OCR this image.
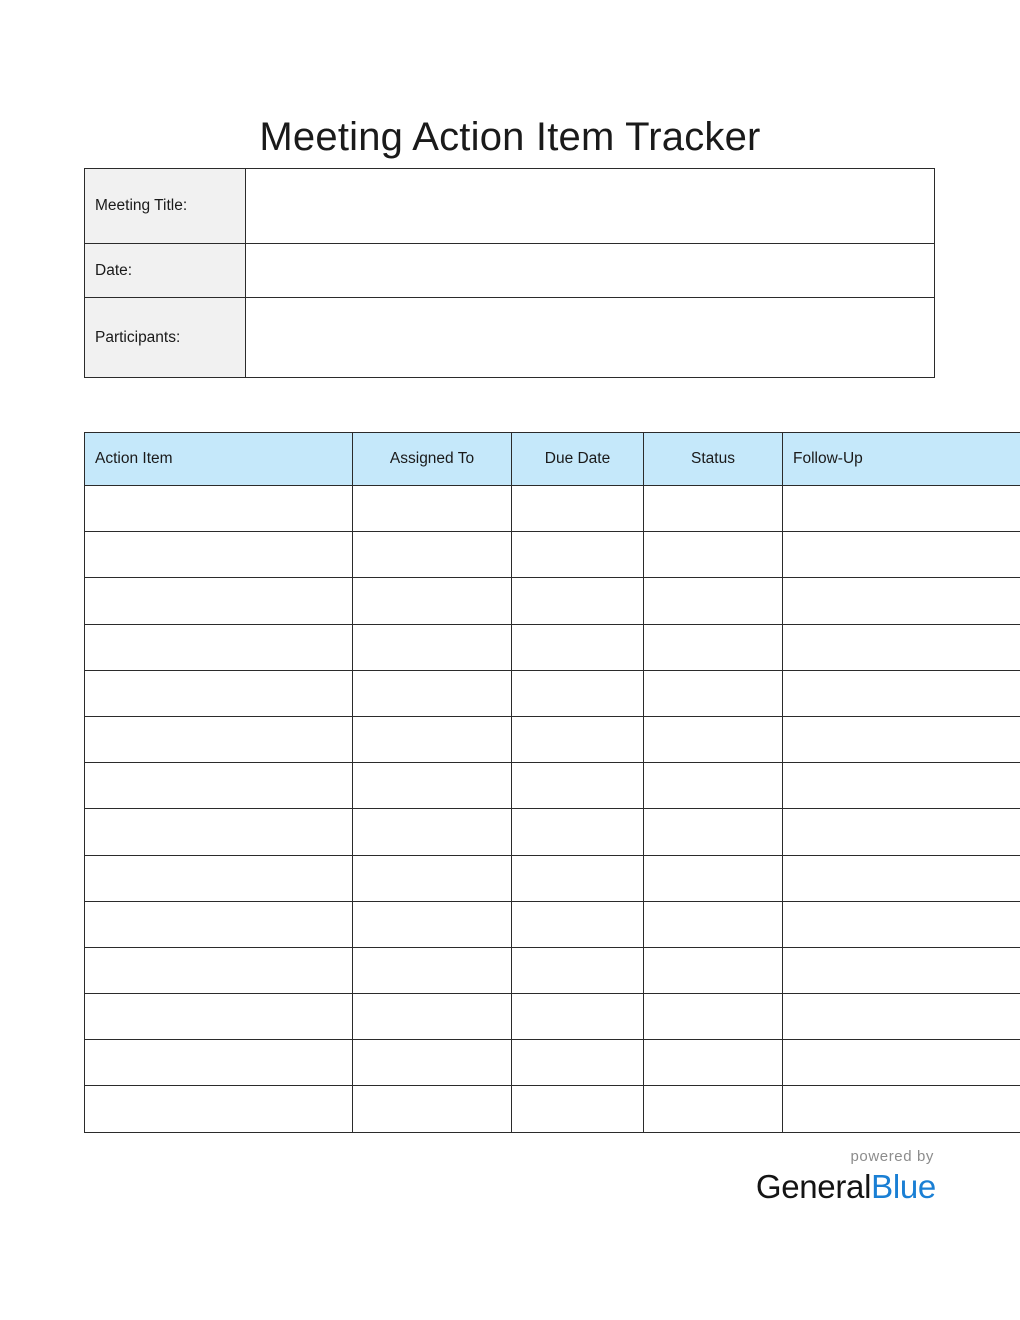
Meeting Action Item Tracker
Meeting Title:	
Date:	
Participants:	
Action Item	Assigned To	Due Date	Status	Follow-Up

powered by
GeneralBlue
